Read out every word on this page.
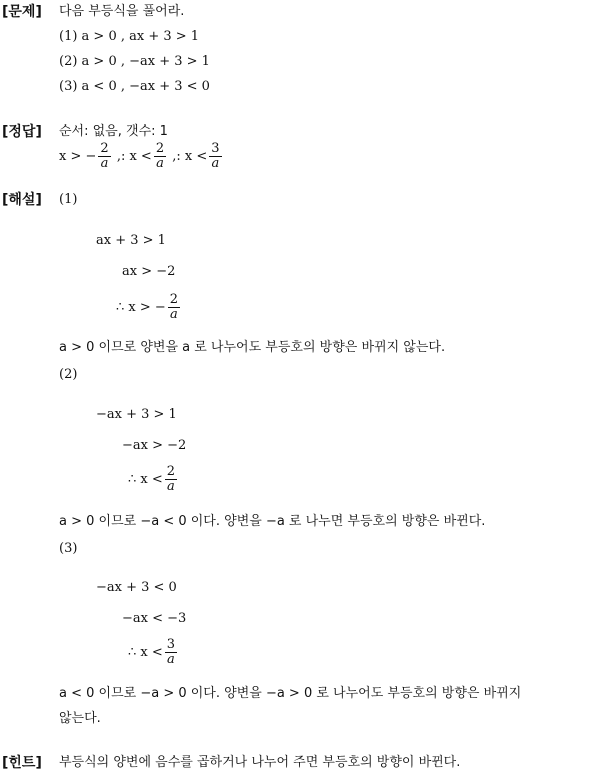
[문제] 다음 부등식을 풀어라.
(1) a > 0 , ax + 3 > 1
(2) a > 0 , −ax + 3 > 1
(3) a < 0 , −ax + 3 < 0
[정답] 순서: 없음, 갯수: 1
x > − $\frac{2}{a}$ ,: $x < \frac{2}{a}$ ,: $x < \frac{3}{a}$
[해설] (1)
ax + 3 > 1
ax > −2
∴ x > − $\frac{2}{a}$
a > 0 이므로 양변을 a 로 나누어도 부등호의 방향은 바뀌지 않는다.
(2)
−ax + 3 > 1
−ax > −2
∴ $x < \frac{2}{a}$
a > 0 이므로 −a < 0 이다. 양변을 −a 로 나누면 부등호의 방향은 바뀐다.
(3)
−ax + 3 < 0
−ax < −3
∴ $x < \frac{3}{a}$
a < 0 이므로 −a > 0 이다. 양변을 −a > 0 로 나누어도 부등호의 방향은 바뀌지
않는다.
[힌트] 부등식의 양변에 음수를 곱하거나 나누어 주면 부등호의 방향이 바뀐다.
